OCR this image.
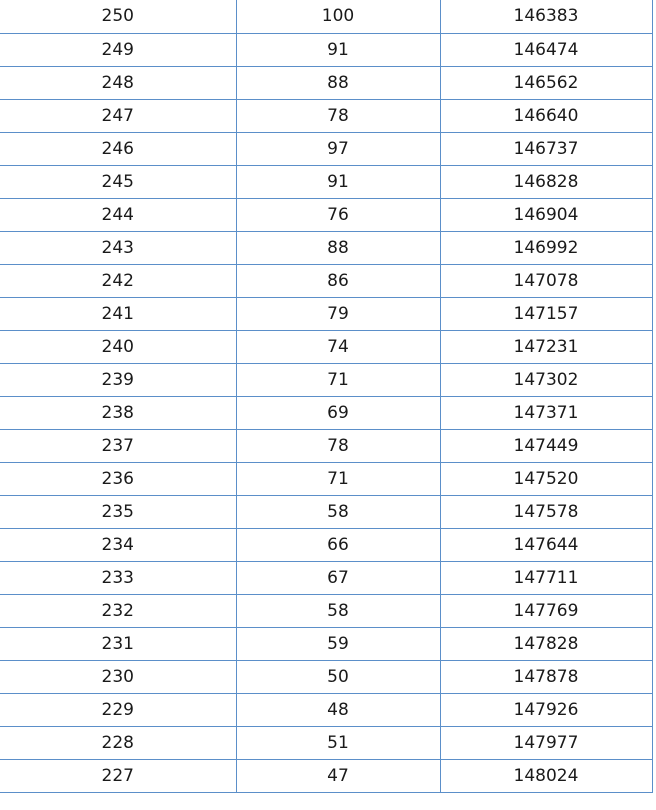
250	100	146383
249	91	146474
248	88	146562
247	78	146640
246	97	146737
245	91	146828
244	76	146904
243	88	146992
242	86	147078
241	79	147157
240	74	147231
239	71	147302
238	69	147371
237	78	147449
236	71	147520
235	58	147578
234	66	147644
233	67	147711
232	58	147769
231	59	147828
230	50	147878
229	48	147926
228	51	147977
227	47	148024
